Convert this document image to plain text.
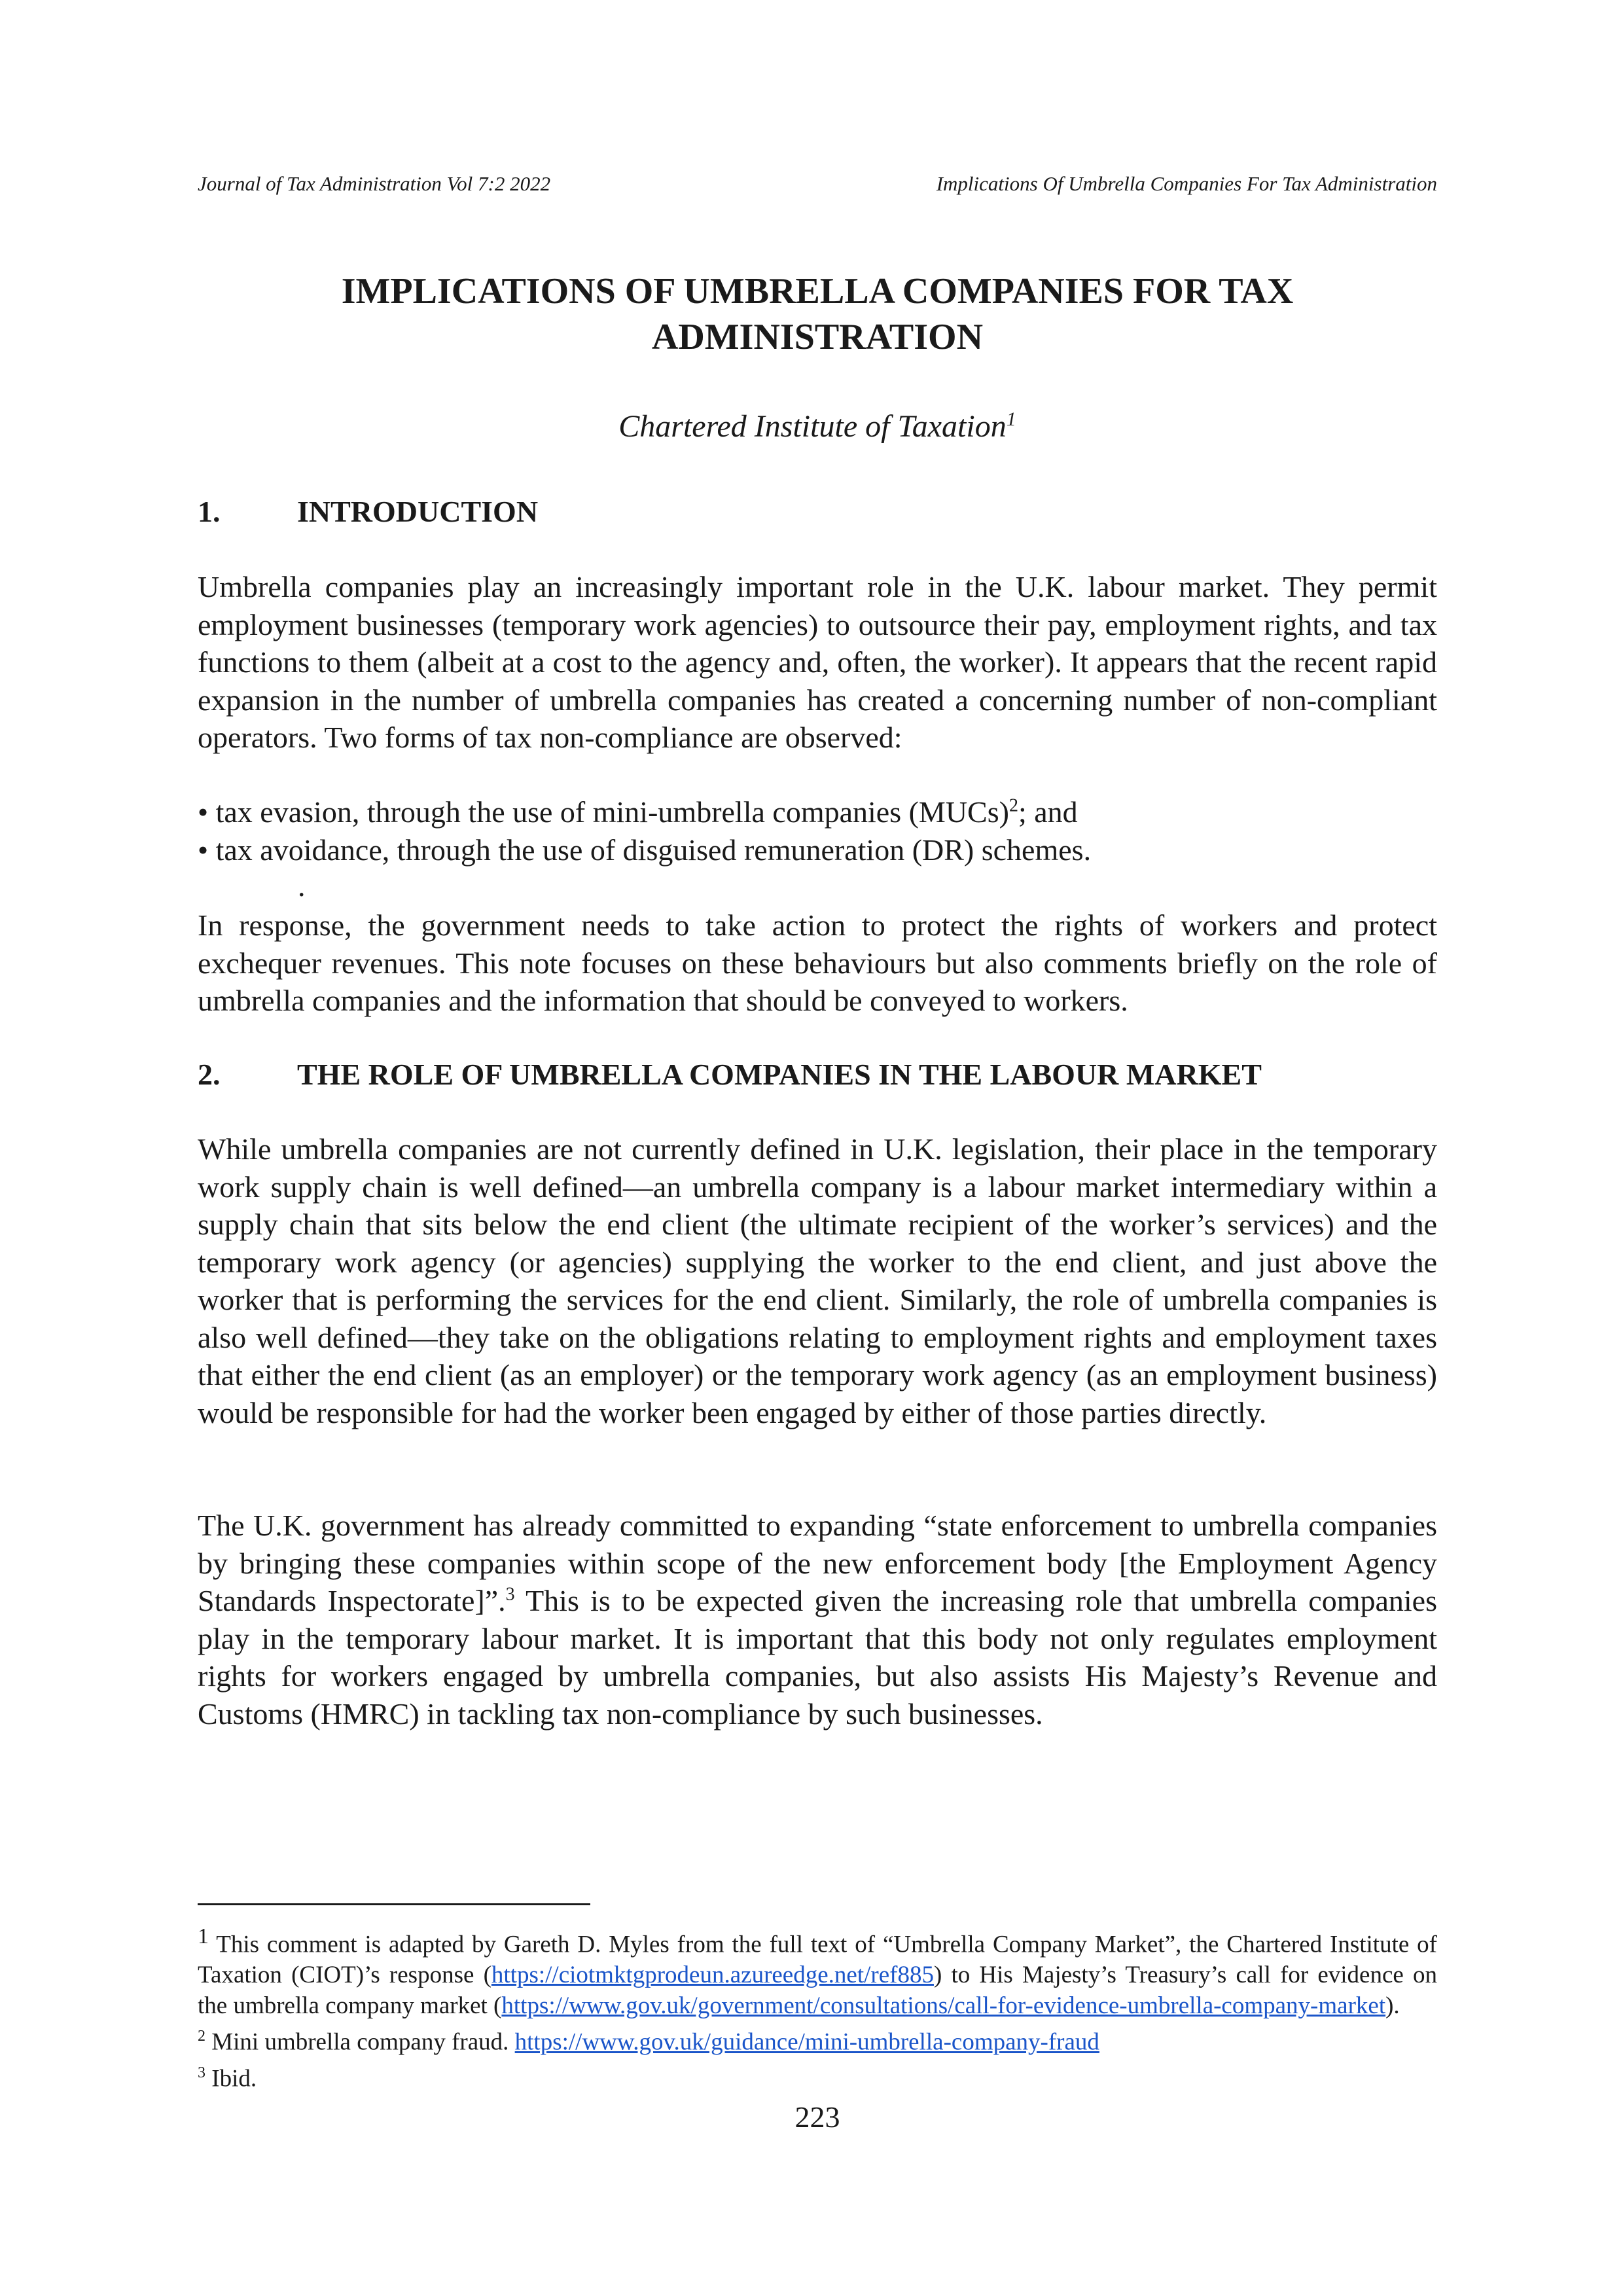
Journal of Tax Administration Vol 7:2 2022	Implications Of Umbrella Companies For Tax Administration
IMPLICATIONS OF UMBRELLA COMPANIES FOR TAX
ADMINISTRATION
Chartered Institute of Taxation$^1$
1.	INTRODUCTION

Umbrella companies play an increasingly important role in the U.K. labour market. They permit employment businesses (temporary work agencies) to outsource their pay, employment rights, and tax functions to them (albeit at a cost to the agency and, often, the worker). It appears that the recent rapid expansion in the number of umbrella companies has created a concerning number of non-compliant operators. Two forms of tax non-compliance are observed:

• tax evasion, through the use of mini-umbrella companies (MUCs)$^2$; and
• tax avoidance, through the use of disguised remuneration (DR) schemes.
.

In response, the government needs to take action to protect the rights of workers and protect exchequer revenues. This note focuses on these behaviours but also comments briefly on the role of umbrella companies and the information that should be conveyed to workers.

2.	THE ROLE OF UMBRELLA COMPANIES IN THE LABOUR MARKET

While umbrella companies are not currently defined in U.K. legislation, their place in the temporary work supply chain is well defined—an umbrella company is a labour market intermediary within a supply chain that sits below the end client (the ultimate recipient of the worker’s services) and the temporary work agency (or agencies) supplying the worker to the end client, and just above the worker that is performing the services for the end client. Similarly, the role of umbrella companies is also well defined—they take on the obligations relating to employment rights and employment taxes that either the end client (as an employer) or the temporary work agency (as an employment business) would be responsible for had the worker been engaged by either of those parties directly.

The U.K. government has already committed to expanding “state enforcement to umbrella companies by bringing these companies within scope of the new enforcement body [the Employment Agency Standards Inspectorate]”.$^3$ This is to be expected given the increasing role that umbrella companies play in the temporary labour market. It is important that this body not only regulates employment rights for workers engaged by umbrella companies, but also assists His Majesty’s Revenue and Customs (HMRC) in tackling tax non-compliance by such businesses.

$^1$ This comment is adapted by Gareth D. Myles from the full text of “Umbrella Company Market”, the Chartered Institute of Taxation (CIOT)’s response (https://ciotmktgprodeun.azureedge.net/ref885) to His Majesty’s Treasury’s call for evidence on the umbrella company market (https://www.gov.uk/government/consultations/call-for-evidence-umbrella-company-market).

$^2$ Mini umbrella company fraud. https://www.gov.uk/guidance/mini-umbrella-company-fraud

$^3$ Ibid.

223
